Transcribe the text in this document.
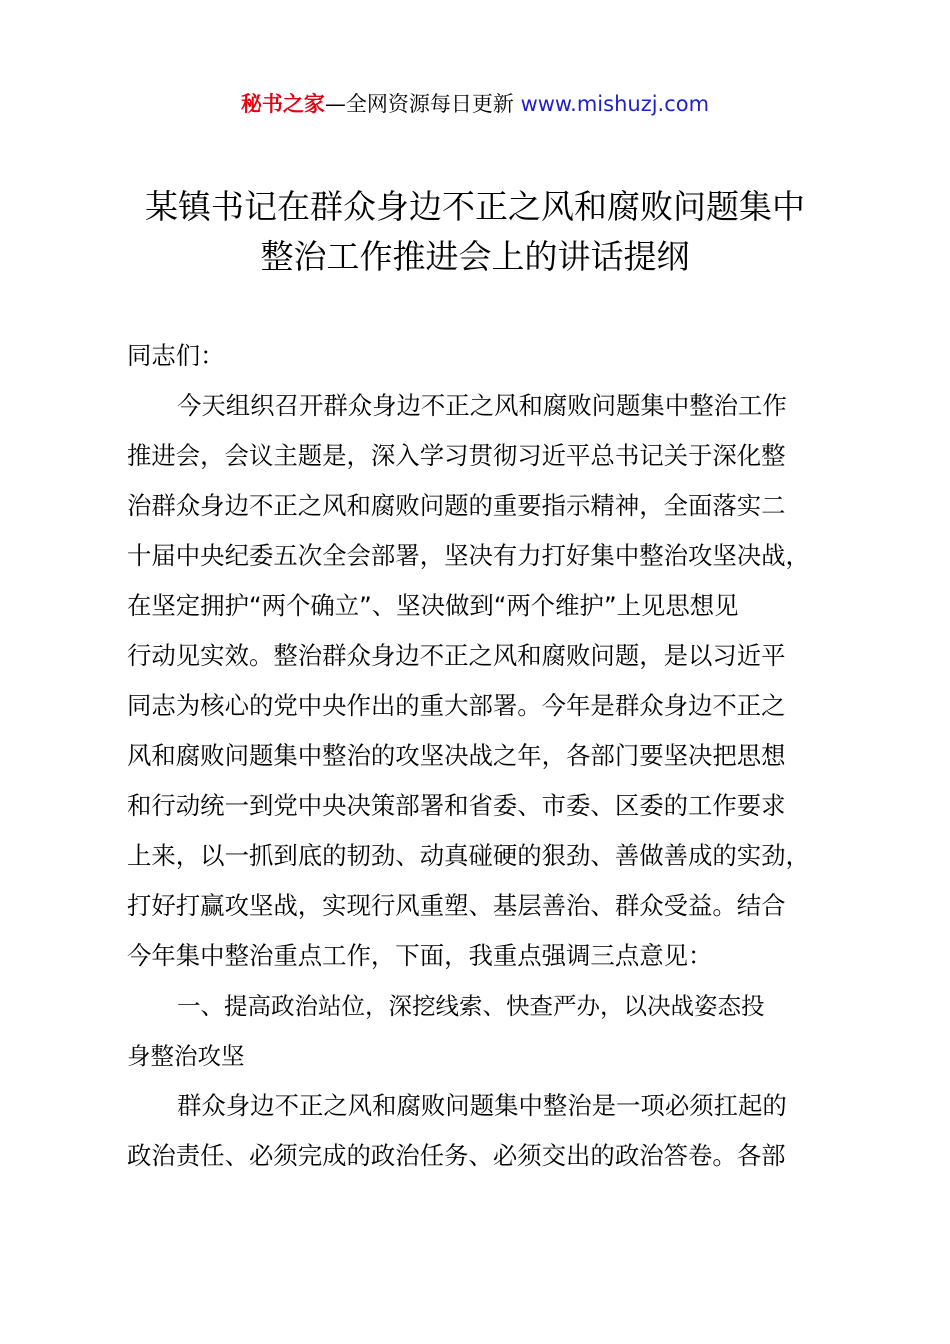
秘书之家—全网资源每日更新 www.mishuzj.com
某镇书记在群众身边不正之风和腐败问题集中
整治工作推进会上的讲话提纲
同志们：
今天组织召开群众身边不正之风和腐败问题集中整治工作
推进会，会议主题是，深入学习贯彻习近平总书记关于深化整
治群众身边不正之风和腐败问题的重要指示精神，全面落实二
十届中央纪委五次全会部署，坚决有力打好集中整治攻坚决战，
在坚定拥护“两个确立”、坚决做到“两个维护”上见思想见
行动见实效。整治群众身边不正之风和腐败问题，是以习近平
同志为核心的党中央作出的重大部署。今年是群众身边不正之
风和腐败问题集中整治的攻坚决战之年，各部门要坚决把思想
和行动统一到党中央决策部署和省委、市委、区委的工作要求
上来，以一抓到底的韧劲、动真碰硬的狠劲、善做善成的实劲，
打好打赢攻坚战，实现行风重塑、基层善治、群众受益。结合
今年集中整治重点工作，下面，我重点强调三点意见：
一、提高政治站位，深挖线索、快查严办，以决战姿态投
身整治攻坚
群众身边不正之风和腐败问题集中整治是一项必须扛起的
政治责任、必须完成的政治任务、必须交出的政治答卷。各部
